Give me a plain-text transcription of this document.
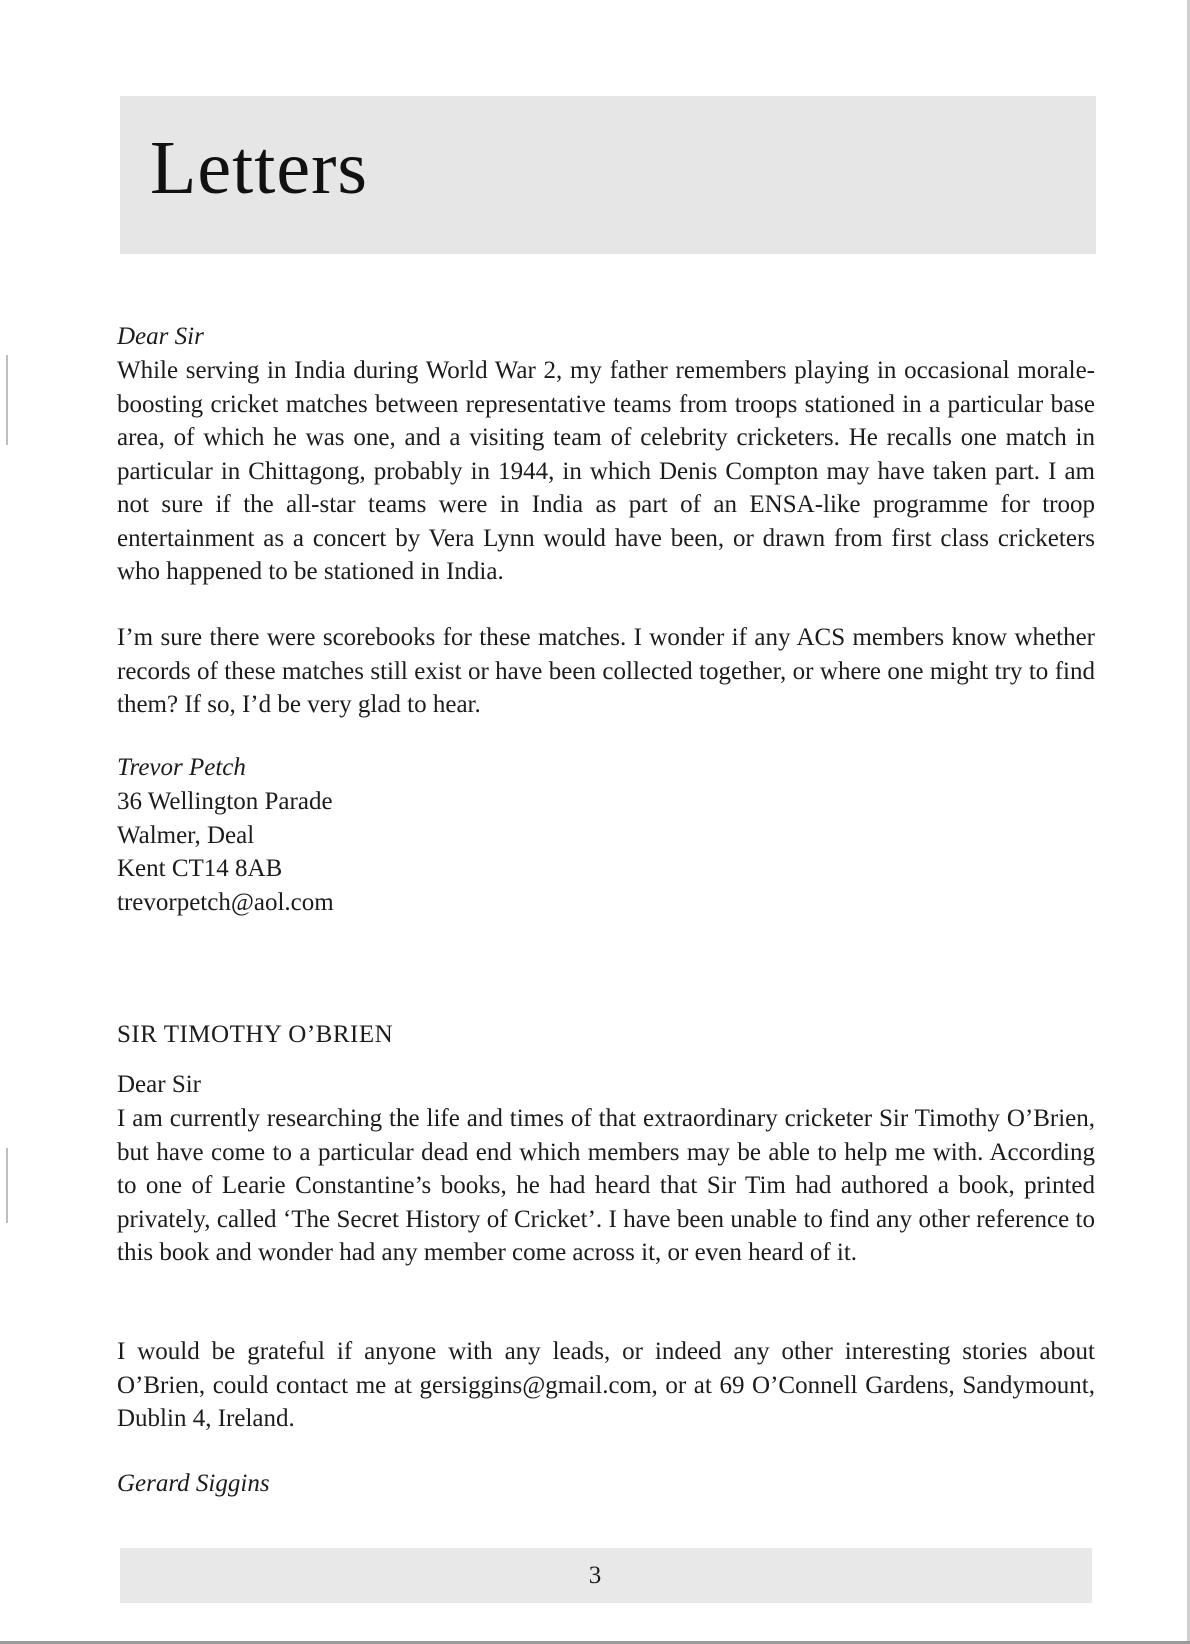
Letters

Dear Sir

While serving in India during World War 2, my father remembers playing in occasional morale-boosting cricket matches between representative teams from troops stationed in a particular base area, of which he was one, and a visiting team of celebrity cricketers. He recalls one match in particular in Chittagong, probably in 1944, in which Denis Compton may have taken part. I am not sure if the all-star teams were in India as part of an ENSA-like programme for troop entertainment as a concert by Vera Lynn would have been, or drawn from first class cricketers who happened to be stationed in India.

I’m sure there were scorebooks for these matches. I wonder if any ACS members know whether records of these matches still exist or have been collected together, or where one might try to find them? If so, I’d be very glad to hear.

Trevor Petch

36 Wellington Parade
Walmer, Deal
Kent CT14 8AB
trevorpetch@aol.com

SIR TIMOTHY O’BRIEN

Dear Sir

I am currently researching the life and times of that extraordinary cricketer Sir Timothy O’Brien, but have come to a particular dead end which members may be able to help me with. According to one of Learie Constantine’s books, he had heard that Sir Tim had authored a book, printed privately, called ‘The Secret History of Cricket’. I have been unable to find any other reference to this book and wonder had any member come across it, or even heard of it.

I would be grateful if anyone with any leads, or indeed any other interesting stories about O’Brien, could contact me at gersiggins@gmail.com, or at 69 O’Connell Gardens, Sandymount, Dublin 4, Ireland.

Gerard Siggins

3
